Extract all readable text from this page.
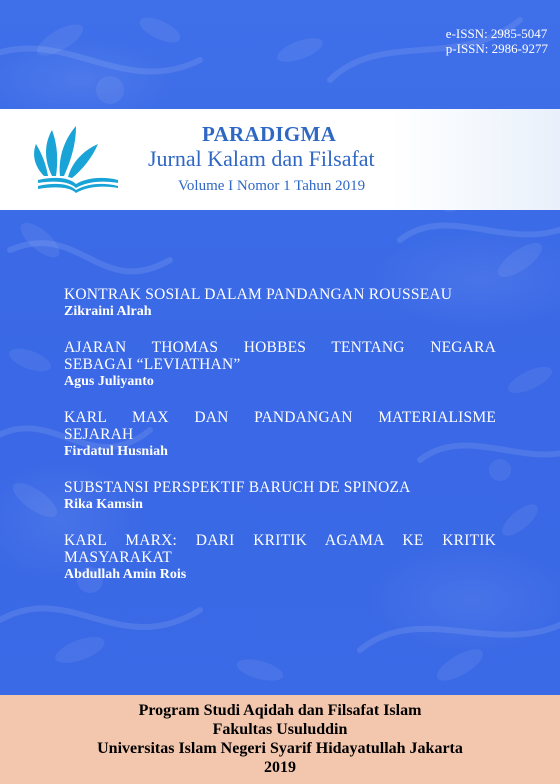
e-ISSN: 2985-5047
p-ISSN: 2986-9277
PARADIGMA
Jurnal Kalam dan Filsafat
Volume I Nomor 1 Tahun 2019
KONTRAK SOSIAL DALAM PANDANGAN ROUSSEAU
Zikraini Alrah
AJARAN THOMAS HOBBES TENTANG NEGARA
SEBAGAI “LEVIATHAN”
Agus Juliyanto
KARL MAX DAN PANDANGAN MATERIALISME
SEJARAH
Firdatul Husniah
SUBSTANSI PERSPEKTIF BARUCH DE SPINOZA
Rika Kamsin
KARL MARX: DARI KRITIK AGAMA KE KRITIK
MASYARAKAT
Abdullah Amin Rois
Program Studi Aqidah dan Filsafat Islam
Fakultas Usuluddin
Universitas Islam Negeri Syarif Hidayatullah Jakarta
2019
